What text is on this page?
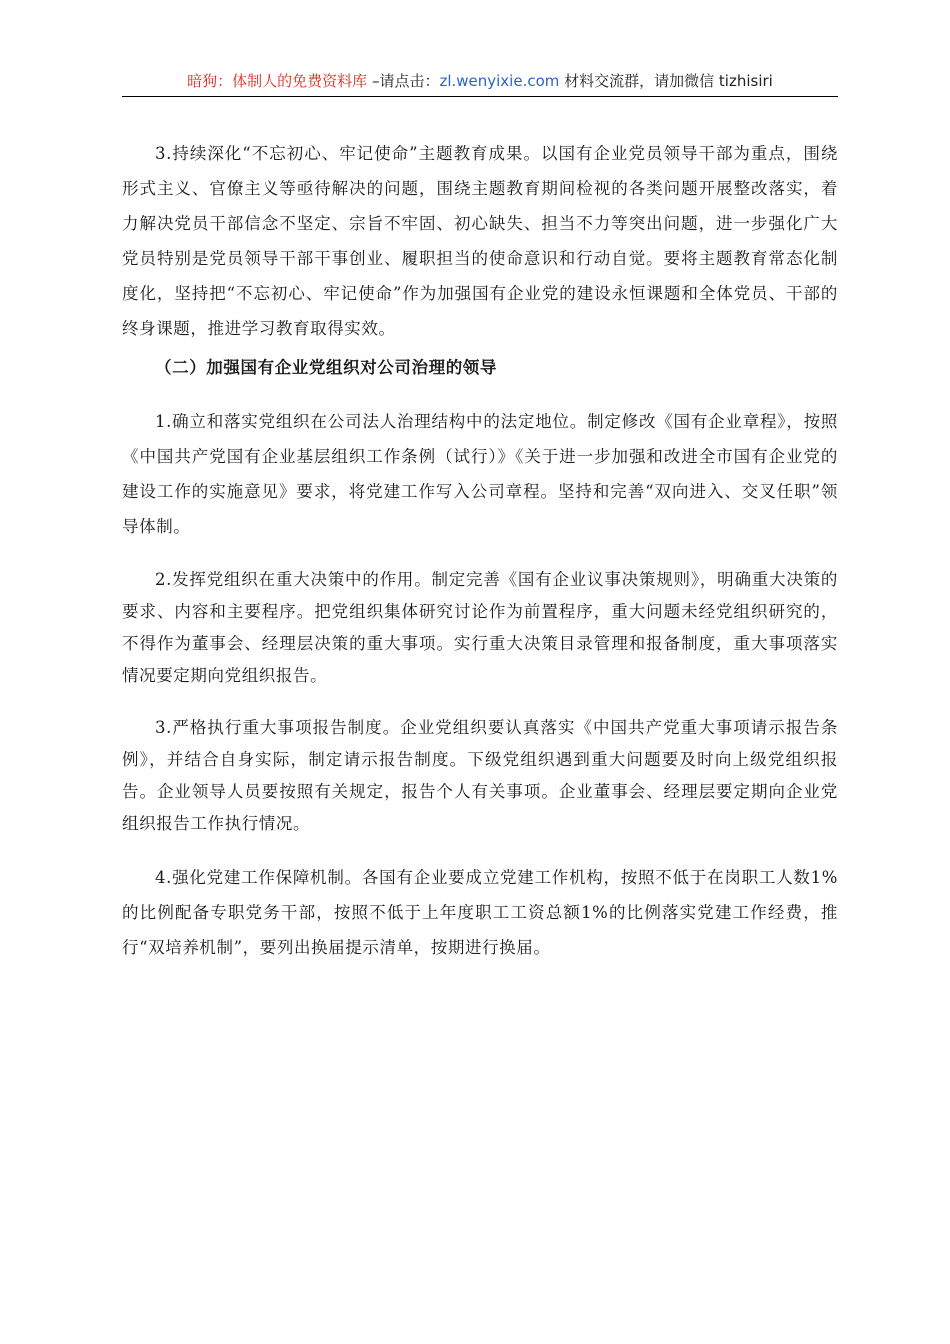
暗狗：体制人的免费资料库 –请点击：zl.wenyixie.com 材料交流群，请加微信 tizhisiri

3.持续深化“不忘初心、牢记使命”主题教育成果。以国有企业党员领导干部为重点，围绕形式主义、官僚主义等亟待解决的问题，围绕主题教育期间检视的各类问题开展整改落实，着力解决党员干部信念不坚定、宗旨不牢固、初心缺失、担当不力等突出问题，进一步强化广大党员特别是党员领导干部干事创业、履职担当的使命意识和行动自觉。要将主题教育常态化制度化，坚持把“不忘初心、牢记使命”作为加强国有企业党的建设永恒课题和全体党员、干部的终身课题，推进学习教育取得实效。

（二）加强国有企业党组织对公司治理的领导

1.确立和落实党组织在公司法人治理结构中的法定地位。制定修改《国有企业章程》，按照《中国共产党国有企业基层组织工作条例（试行）》《关于进一步加强和改进全市国有企业党的建设工作的实施意见》要求，将党建工作写入公司章程。坚持和完善“双向进入、交叉任职”领导体制。

2.发挥党组织在重大决策中的作用。制定完善《国有企业议事决策规则》，明确重大决策的要求、内容和主要程序。把党组织集体研究讨论作为前置程序，重大问题未经党组织研究的，不得作为董事会、经理层决策的重大事项。实行重大决策目录管理和报备制度，重大事项落实情况要定期向党组织报告。

3.严格执行重大事项报告制度。企业党组织要认真落实《中国共产党重大事项请示报告条例》，并结合自身实际，制定请示报告制度。下级党组织遇到重大问题要及时向上级党组织报告。企业领导人员要按照有关规定，报告个人有关事项。企业董事会、经理层要定期向企业党组织报告工作执行情况。

4.强化党建工作保障机制。各国有企业要成立党建工作机构，按照不低于在岗职工人数1%的比例配备专职党务干部，按照不低于上年度职工工资总额1%的比例落实党建工作经费，推行“双培养机制”，要列出换届提示清单，按期进行换届。
